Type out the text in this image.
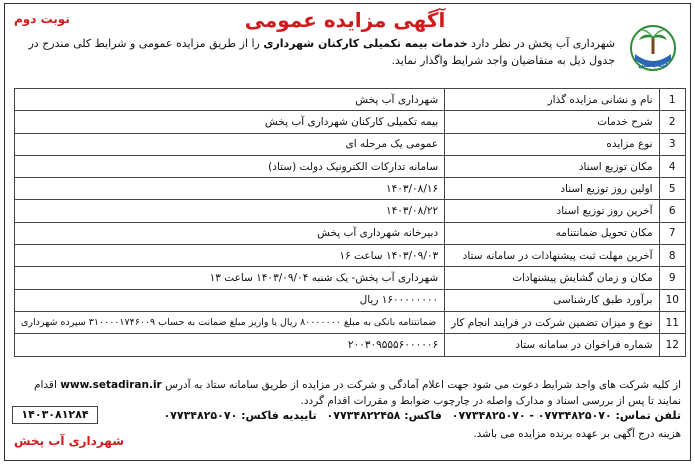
نوبت دوم	آگهی مزایده عمومی
آب پخش
شهرداری آب پخش در نظر دارد خدمات بیمه تکمیلی کارکنان شهرداری را از طریق مزایده عمومی و شرایط کلی مندرج در جدول ذیل به متقاضیان واجد شرایط واگذار نماید.
1	نام و نشانی مزایده گذار	شهرداری آب پخش
2	شرح خدمات	بیمه تکمیلی کارکنان شهرداری آب پخش
3	نوع مزایده	عمومی یک مرحله ای
4	مکان توزیع اسناد	سامانه تدارکات الکترونیک دولت (ستاد)
5	اولین روز توزیع اسناد	۱۴۰۳/۰۸/۱۶
6	آخرین روز توزیع اسناد	۱۴۰۳/۰۸/۲۲
7	مکان تحویل ضمانتنامه	دبیرخانه شهرداری آب پخش
8	آخرین مهلت ثبت پیشنهادات در سامانه ستاد	۱۴۰۳/۰۹/۰۳ ساعت ۱۶
9	مکان و زمان گشایش پیشنهادات	شهرداری آب پخش- یک شنبه ۱۴۰۳/۰۹/۰۴ ساعت ۱۳
10	برآورد طبق کارشناسی	۱۶۰۰۰۰۰۰۰۰ ریال
11	نوع و میزان تضمین شرکت در فرایند انجام کار	ضمانتنامه بانکی به مبلغ ۸۰۰۰۰۰۰۰ ریال یا واریز مبلغ ضمانت به حساب ۳۱۰۰۰۰۱۷۴۶۰۰۹ سپرده شهرداری
12	شماره فراخوان در سامانه ستاد	۲۰۰۳۰۹۵۵۵۶۰۰۰۰۰۶
از کلیه شرکت های واجد شرایط دعوت می شود جهت اعلام آمادگی و شرکت در مزایده از طریق سامانه ستاد به آدرس www.setadiran.ir اقدام نمایند تا پس از بررسی اسناد و مدارک واصله در چارچوب ضوابط و مقررات اقدام گردد.
تلفن تماس: ۰۷۷۳۴۸۲۵۰۷۰ - ۰۷۷۳۴۸۲۵۰۷۰ فاکس: ۰۷۷۳۴۸۲۲۴۵۸ تاییدیه فاکس: ۰۷۷۳۴۸۲۵۰۷۰
هزینه درج آگهی بر عهده برنده مزایده می باشد.
۱۴۰۳۰۸۱۲۸۴
شهرداری آب پخش
